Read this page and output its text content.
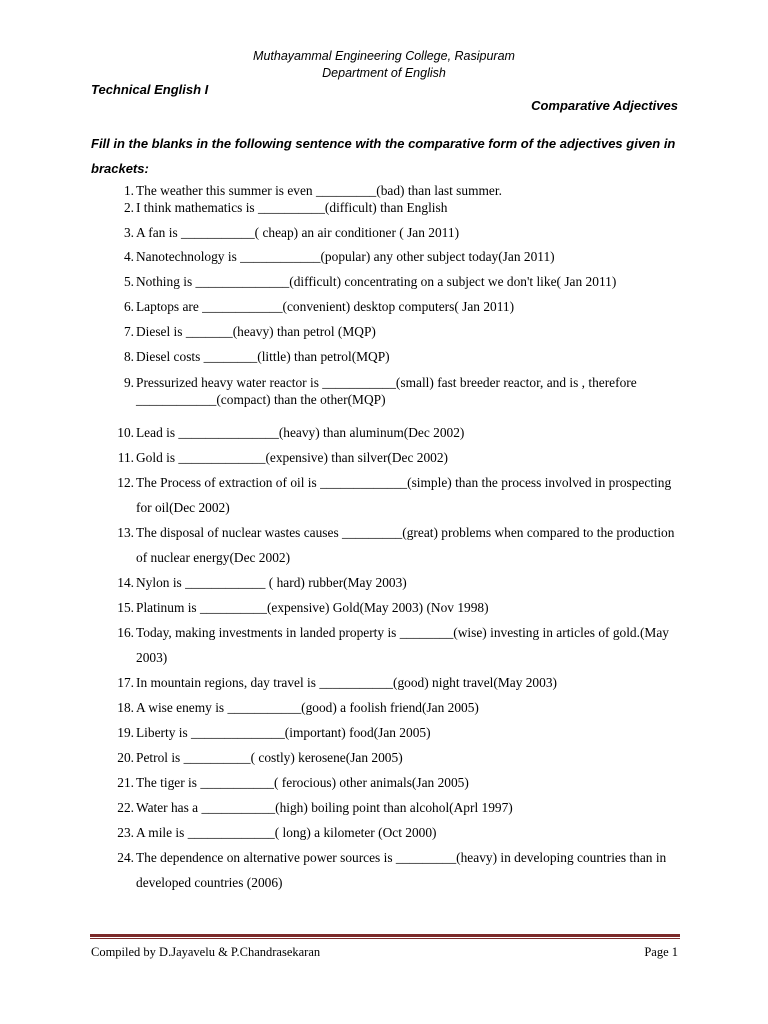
Muthayammal Engineering College, Rasipuram
Department of English
Technical English I
Comparative Adjectives
Fill in the blanks in the following sentence with the comparative form of the adjectives given in brackets:
1. The weather this summer is even _________(bad) than last summer.
2. I think mathematics is __________(difficult) than English
3. A fan is ___________( cheap) an air conditioner ( Jan 2011)
4. Nanotechnology is ____________(popular) any other subject today(Jan 2011)
5. Nothing is ______________(difficult) concentrating on a subject we don't like( Jan 2011)
6. Laptops are ____________(convenient) desktop computers( Jan 2011)
7. Diesel is _______(heavy) than petrol (MQP)
8. Diesel costs ________(little) than petrol(MQP)
9. Pressurized heavy water reactor is ___________(small) fast breeder reactor, and is , therefore ____________(compact) than the other(MQP)
10. Lead is _______________(heavy) than aluminum(Dec 2002)
11. Gold is _____________(expensive) than silver(Dec 2002)
12. The Process of extraction of oil is _____________(simple) than the process involved in prospecting for oil(Dec 2002)
13. The disposal of nuclear wastes causes _________(great) problems when compared to the production of nuclear energy(Dec 2002)
14. Nylon is ____________ ( hard) rubber(May 2003)
15. Platinum is __________(expensive) Gold(May 2003) (Nov 1998)
16. Today, making investments in landed property is ________(wise) investing in articles of gold.(May 2003)
17. In mountain regions, day travel is ___________(good) night travel(May 2003)
18. A wise enemy is ___________(good) a foolish friend(Jan 2005)
19. Liberty is ______________(important) food(Jan 2005)
20. Petrol is __________( costly) kerosene(Jan 2005)
21. The tiger is ___________( ferocious) other animals(Jan 2005)
22. Water has a ___________(high) boiling point than alcohol(Aprl 1997)
23. A mile is _____________( long) a kilometer (Oct 2000)
24. The dependence on alternative power sources is _________(heavy) in developing countries than in developed countries (2006)
Compiled by D.Jayavelu & P.Chandrasekaran	Page 1
